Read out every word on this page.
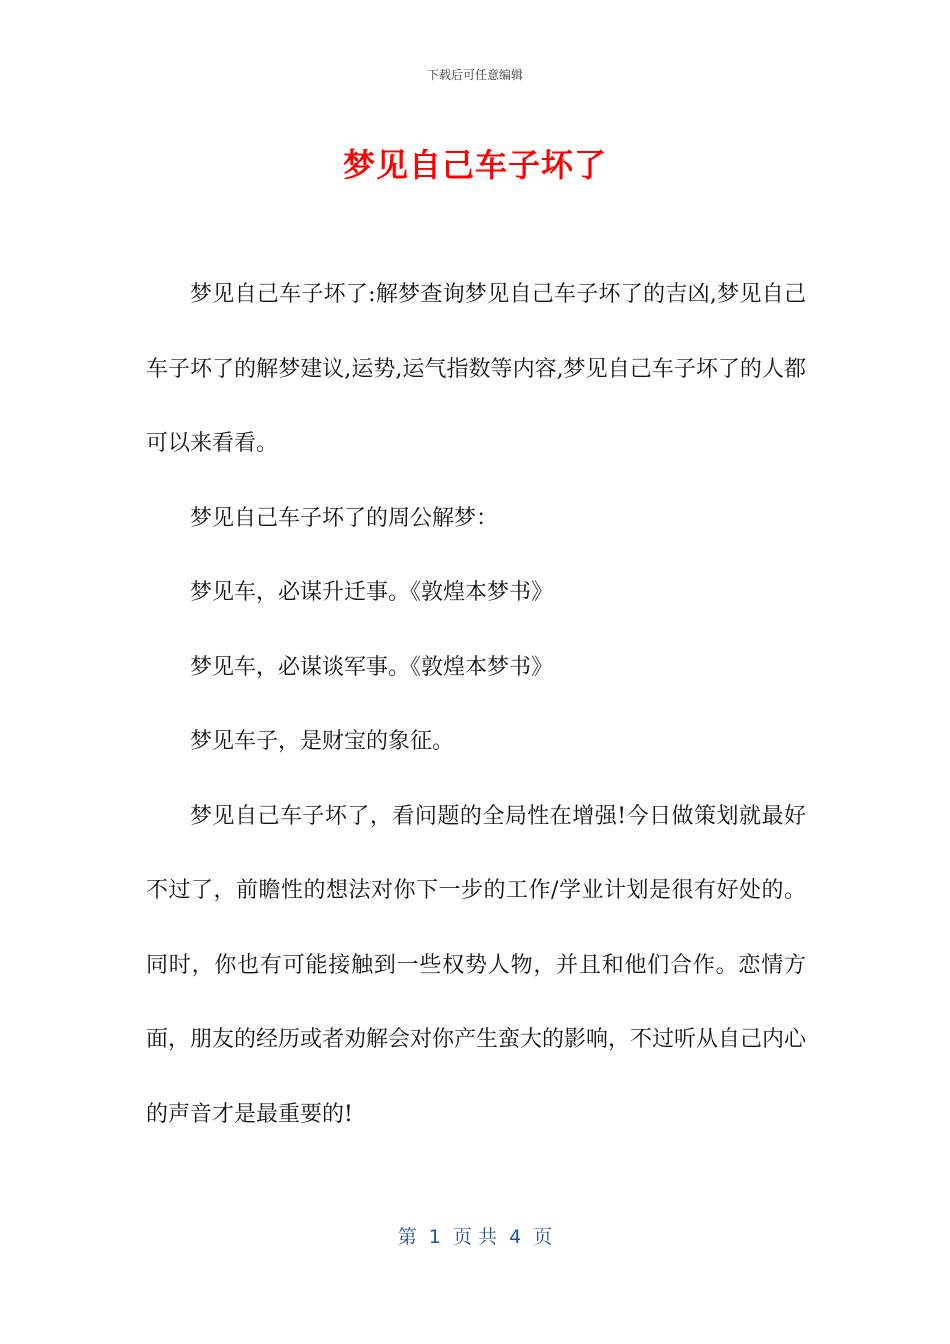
下载后可任意编辑
梦见自己车子坏了

梦见自己车子坏了:解梦查询梦见自己车子坏了的吉凶,梦见自己车子坏了的解梦建议,运势,运气指数等内容,梦见自己车子坏了的人都可以来看看。

梦见自己车子坏了的周公解梦：

梦见车，必谋升迁事。《敦煌本梦书》

梦见车，必谋谈军事。《敦煌本梦书》

梦见车子，是财宝的象征。

梦见自己车子坏了，看问题的全局性在增强!今日做策划就最好不过了，前瞻性的想法对你下一步的工作/学业计划是很有好处的。同时，你也有可能接触到一些权势人物，并且和他们合作。恋情方面，朋友的经历或者劝解会对你产生蛮大的影响，不过听从自己内心的声音才是最重要的!

第  1  页 共  4  页
